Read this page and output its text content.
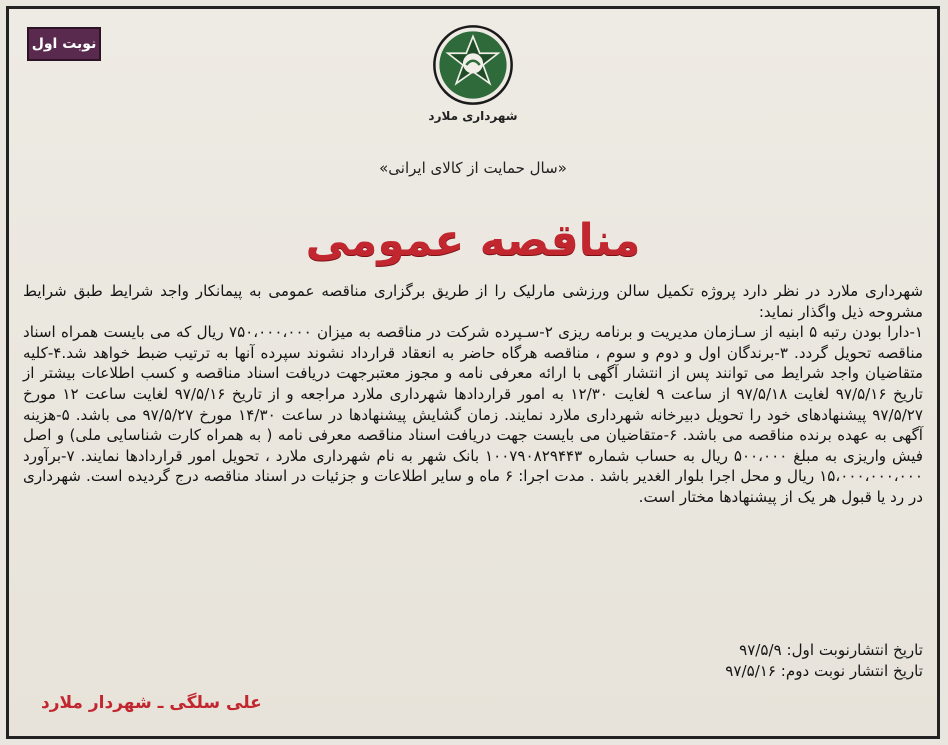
نوبت اول
شهرداری ملارد
«سال حمایت از کالای ایرانی»
مناقصه عمومی

شهرداری ملارد در نظر دارد پروژه تکمیل سالن ورزشی مارلیک را از طریق برگزاری مناقصه عمومی به پیمانکار واجد شرایط طبق شرایط مشروحه ذیل واگذار نماید:

۱-دارا بودن رتبه ۵ ابنیه از سـازمان مدیریت و برنامه ریزی ۲-سـپرده شرکت در مناقصه به میزان ۷۵۰،۰۰۰،۰۰۰ ریال که می بایست همراه اسناد مناقصه تحویل گردد. ۳-برندگان اول و دوم و سوم ، مناقصه هرگاه حاضر به انعقاد قرارداد نشوند سپرده آنها به ترتیب ضبط خواهد شد.۴-کلیه متقاضیان واجد شرایط می توانند پس از انتشار آگهی با ارائه معرفی نامه و مجوز معتبرجهت دریافت اسناد مناقصه و کسب اطلاعات بیشتر از تاریخ ۹۷/۵/۱۶ لغایت ۹۷/۵/۱۸ از ساعت ۹ لغایت ۱۲/۳۰ به امور قراردادها شهرداری ملارد مراجعه و از تاریخ ۹۷/۵/۱۶ لغایت ساعت ۱۲ مورخ ۹۷/۵/۲۷ پیشنهادهای خود را تحویل دبیرخانه شهرداری ملارد نمایند. زمان گشایش پیشنهادها در ساعت ۱۴/۳۰ مورخ ۹۷/۵/۲۷ می باشد. ۵-هزینه آگهی به عهده برنده مناقصه می باشد. ۶-متقاضیان می بایست جهت دریافت اسناد مناقصه معرفی نامه ( به همراه کارت شناسایی ملی) و اصل فیش واریزی به مبلغ ۵۰۰،۰۰۰ ریال به حساب شماره ۱۰۰۷۹۰۸۲۹۴۴۳ بانک شهر به نام شهرداری ملارد ، تحویل امور قراردادها نمایند. ۷-برآورد ۱۵،۰۰۰،۰۰۰،۰۰۰ ریال و محل اجرا بلوار الغدیر باشد . مدت اجرا: ۶ ماه و سایر اطلاعات و جزئیات در اسناد مناقصه درج گردیده است. شهرداری در رد یا قبول هر یک از پیشنهادها مختار است.

تاریخ انتشارنوبت اول: ۹۷/۵/۹
تاریخ انتشار نوبت دوم: ۹۷/۵/۱۶
علی سلگی ـ شهردار ملارد
